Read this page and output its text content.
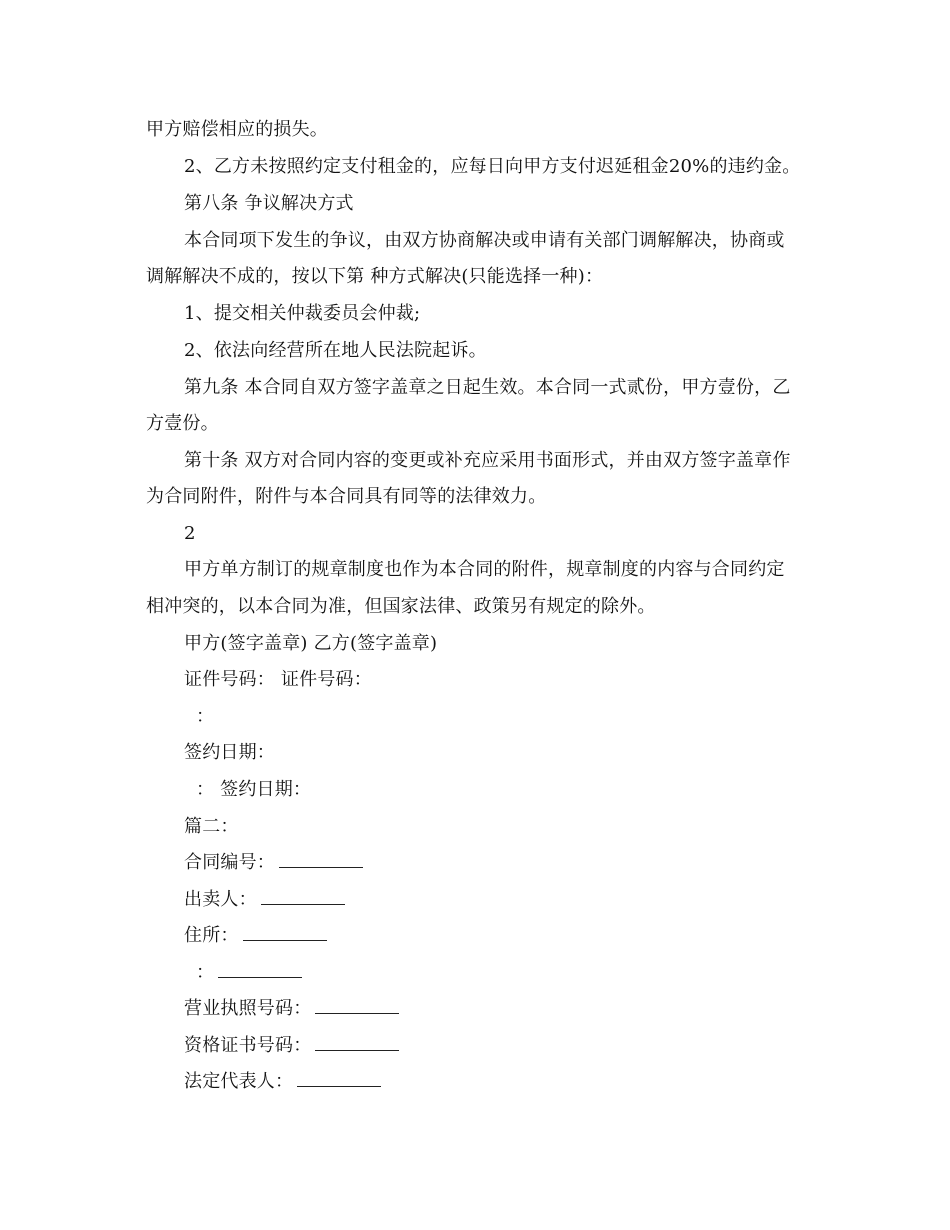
甲方赔偿相应的损失。
2、乙方未按照约定支付租金的，应每日向甲方支付迟延租金20%的违约金。
第八条 争议解决方式
本合同项下发生的争议，由双方协商解决或申请有关部门调解解决，协商或
调解解决不成的，按以下第 种方式解决(只能选择一种)：
1、提交相关仲裁委员会仲裁;
2、依法向经营所在地人民法院起诉。
第九条 本合同自双方签字盖章之日起生效。本合同一式贰份，甲方壹份，乙
方壹份。
第十条 双方对合同内容的变更或补充应采用书面形式，并由双方签字盖章作
为合同附件，附件与本合同具有同等的法律效力。
2
甲方单方制订的规章制度也作为本合同的附件，规章制度的内容与合同约定
相冲突的，以本合同为准，但国家法律、政策另有规定的除外。
甲方(签字盖章) 乙方(签字盖章)
证件号码： 证件号码：
：
签约日期：
： 签约日期：
篇二：
合同编号：
出卖人：
住所：
：
营业执照号码：
资格证书号码：
法定代表人：
